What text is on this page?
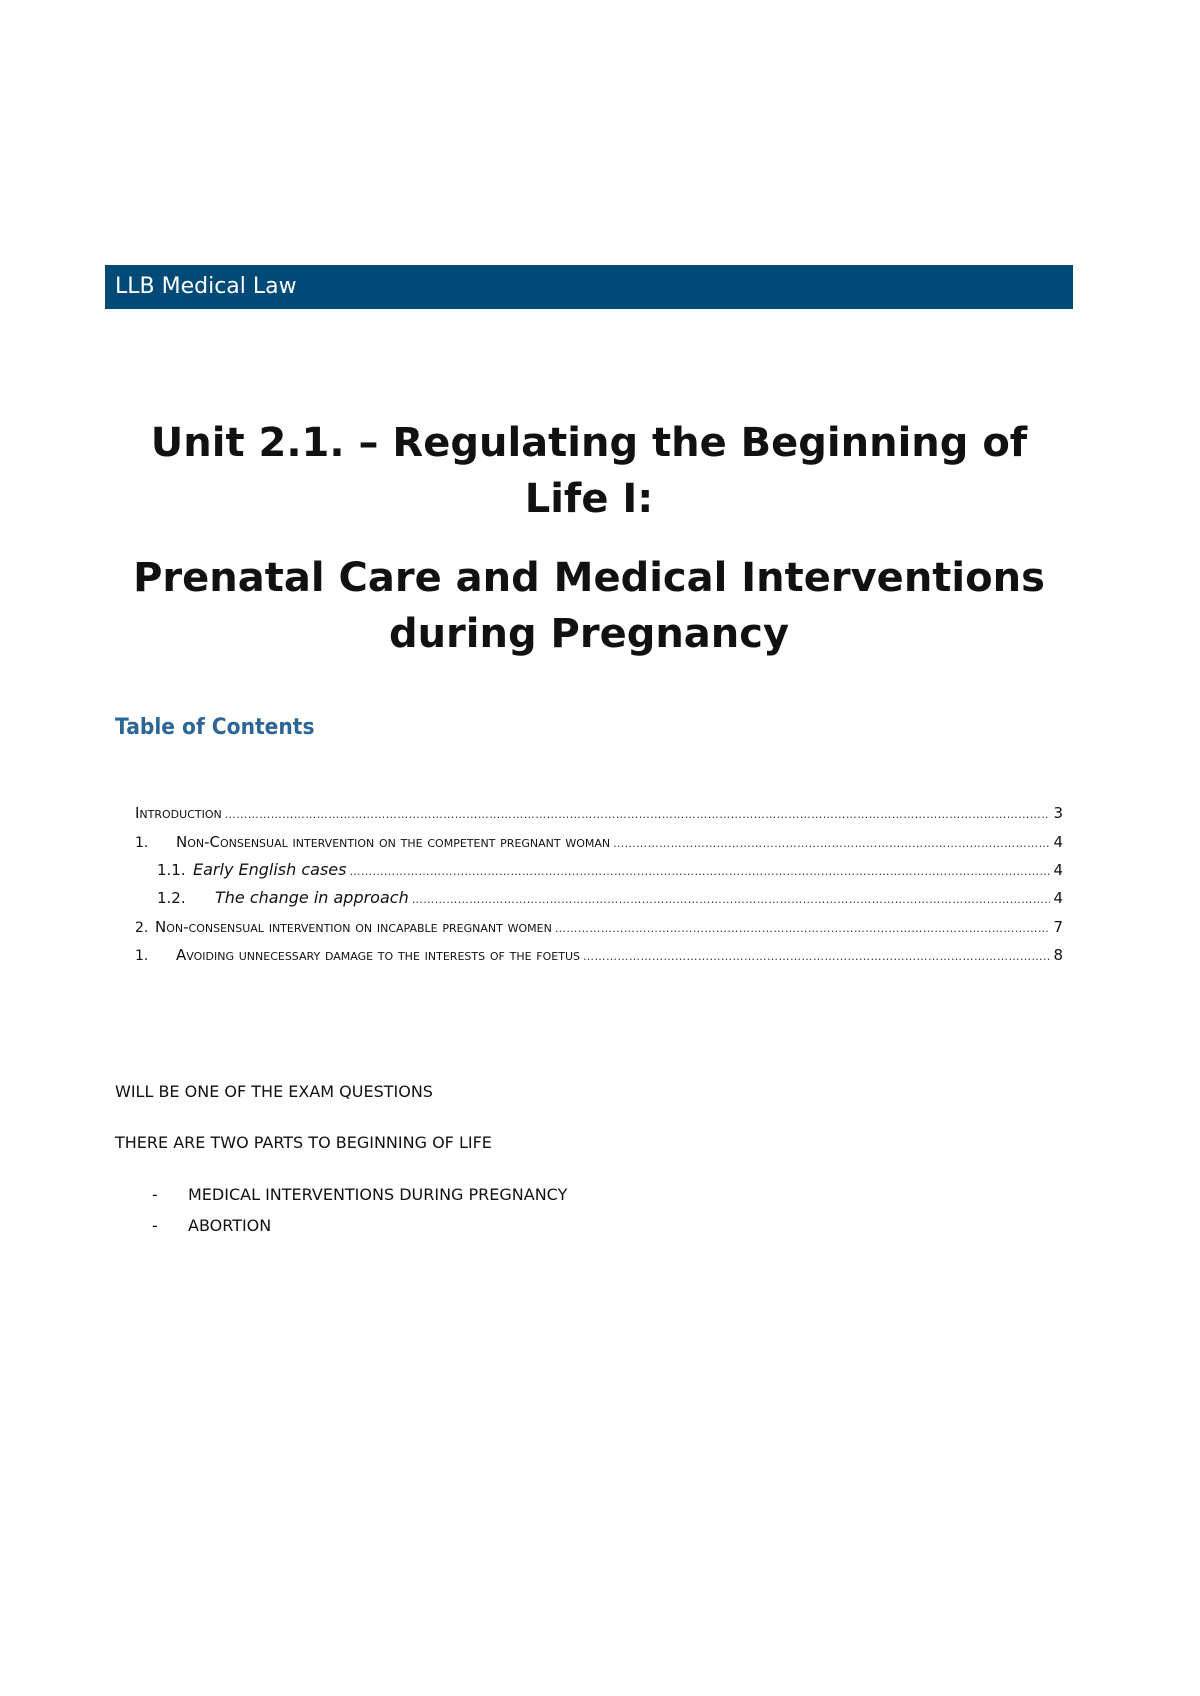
LLB Medical Law
Unit 2.1. – Regulating the Beginning of
Life I:
Prenatal Care and Medical Interventions
during Pregnancy
Table of Contents
Introduction ……………………………………………………………………………………………………………………………………………………………………………………………………………………………………………	3
1.	Non-Consensual intervention on the competent pregnant woman ……………………………………………………………………………………………………………………………………………………………………………………………………………………………………………	4
1.1. Early English cases ……………………………………………………………………………………………………………………………………………………………………………………………………………………………………………	4
1.2.	The change in approach ……………………………………………………………………………………………………………………………………………………………………………………………………………………………………………	4
2. Non-consensual intervention on incapable pregnant women ……………………………………………………………………………………………………………………………………………………………………………………………………………………………………………	7
1.	Avoiding unnecessary damage to the interests of the foetus ……………………………………………………………………………………………………………………………………………………………………………………………………………………………………………	8
WILL BE ONE OF THE EXAM QUESTIONS
THERE ARE TWO PARTS TO BEGINNING OF LIFE
-	MEDICAL INTERVENTIONS DURING PREGNANCY
-	ABORTION
